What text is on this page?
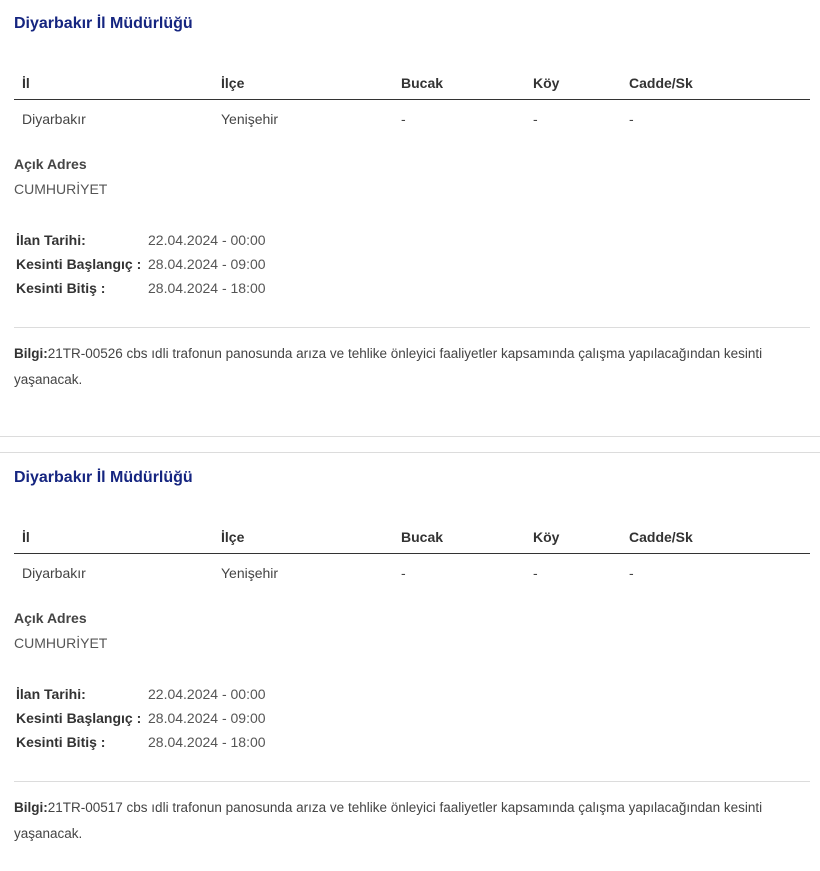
Diyarbakır İl Müdürlüğü
İl	İlçe	Bucak	Köy	Cadde/Sk
Diyarbakır	Yenişehir	-	-	-
Açık Adres
CUMHURİYET
İlan Tarihi:	22.04.2024 - 00:00
Kesinti Başlangıç : 28.04.2024 - 09:00
Kesinti Bitiş :	28.04.2024 - 18:00
Bilgi:21TR-00526 cbs ıdli trafonun panosunda arıza ve tehlike önleyici faaliyetler kapsamında çalışma yapılacağından kesinti yaşanacak.
Diyarbakır İl Müdürlüğü
İl	İlçe	Bucak	Köy	Cadde/Sk
Diyarbakır	Yenişehir	-	-	-
Açık Adres
CUMHURİYET
İlan Tarihi:	22.04.2024 - 00:00
Kesinti Başlangıç : 28.04.2024 - 09:00
Kesinti Bitiş :	28.04.2024 - 18:00
Bilgi:21TR-00517 cbs ıdli trafonun panosunda arıza ve tehlike önleyici faaliyetler kapsamında çalışma yapılacağından kesinti yaşanacak.
